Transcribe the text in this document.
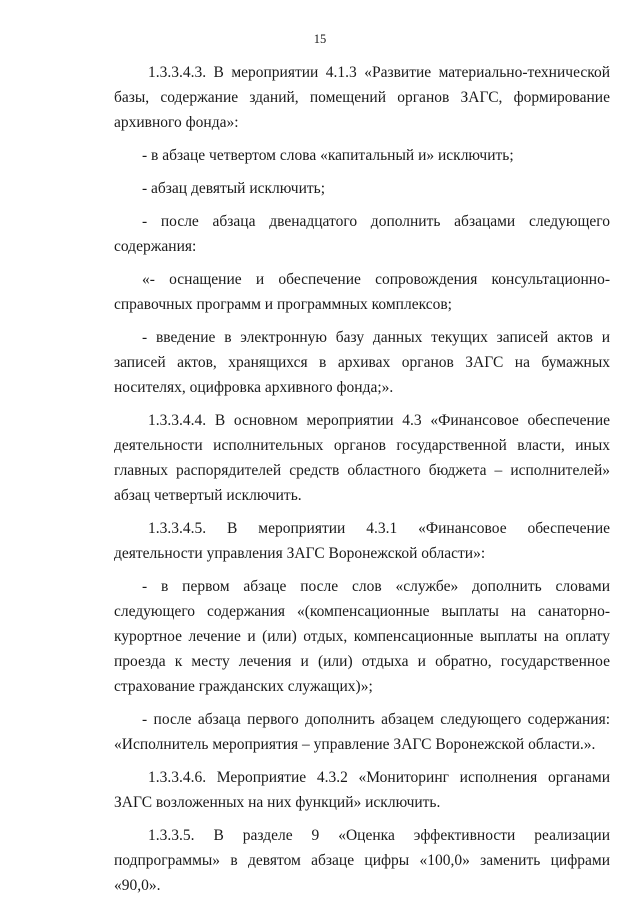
15

1.3.3.4.3. В мероприятии 4.1.3 «Развитие материально-технической базы, содержание зданий, помещений органов ЗАГС, формирование архивного фонда»:

- в абзаце четвертом слова «капитальный и» исключить;

- абзац девятый исключить;

- после абзаца двенадцатого дополнить абзацами следующего содержания:

«- оснащение и обеспечение сопровождения консультационно-справочных программ и программных комплексов;

- введение в электронную базу данных текущих записей актов и записей актов, хранящихся в архивах органов ЗАГС на бумажных носителях, оцифровка архивного фонда;».

1.3.3.4.4. В основном мероприятии 4.3 «Финансовое обеспечение деятельности исполнительных органов государственной власти, иных главных распорядителей средств областного бюджета – исполнителей» абзац четвертый исключить.

1.3.3.4.5. В мероприятии 4.3.1 «Финансовое обеспечение деятельности управления ЗАГС Воронежской области»:

- в первом абзаце после слов «службе» дополнить словами следующего содержания «(компенсационные выплаты на санаторно-курортное лечение и (или) отдых, компенсационные выплаты на оплату проезда к месту лечения и (или) отдыха и обратно, государственное страхование гражданских служащих)»;

- после абзаца первого дополнить абзацем следующего содержания: «Исполнитель мероприятия – управление ЗАГС Воронежской области.».

1.3.3.4.6. Мероприятие 4.3.2 «Мониторинг исполнения органами ЗАГС возложенных на них функций» исключить.

1.3.3.5. В разделе 9 «Оценка эффективности реализации подпрограммы» в девятом абзаце цифры «100,0» заменить цифрами «90,0».
